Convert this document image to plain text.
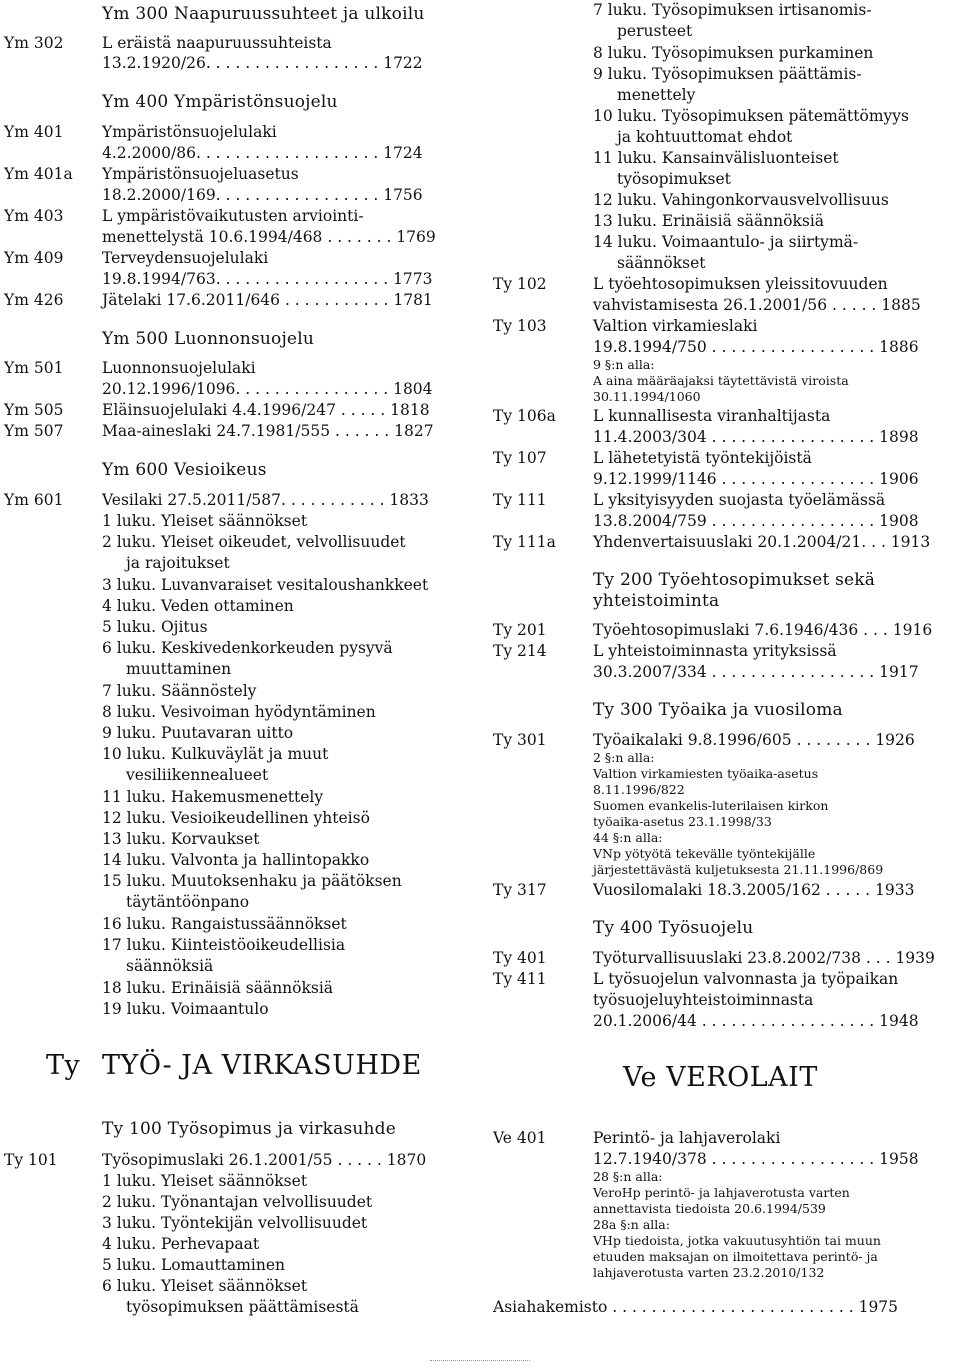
Ym 300 Naapuruussuhteet ja ulkoilu
Ym 302 L eräistä naapuruussuhteista
13.2.1920/26. . . . . . . . . . . . . . . . . . 1722
Ym 400 Ympäristönsuojelu
Ym 401 Ympäristönsuojelulaki
4.2.2000/86. . . . . . . . . . . . . . . . . . . 1724
Ym 401a Ympäristönsuojeluasetus
18.2.2000/169. . . . . . . . . . . . . . . . . 1756
Ym 403 L ympäristövaikutusten arviointi-
menettelystä 10.6.1994/468 . . . . . . . 1769
Ym 409 Terveydensuojelulaki
19.8.1994/763. . . . . . . . . . . . . . . . . . 1773
Ym 426 Jätelaki 17.6.2011/646 . . . . . . . . . . . 1781
Ym 500 Luonnonsuojelu
Ym 501 Luonnonsuojelulaki
20.12.1996/1096. . . . . . . . . . . . . . . . 1804
Ym 505 Eläinsuojelulaki 4.4.1996/247 . . . . . 1818
Ym 507 Maa-aineslaki 24.7.1981/555 . . . . . . 1827
Ym 600 Vesioikeus
Ym 601 Vesilaki 27.5.2011/587. . . . . . . . . . . 1833
1 luku. Yleiset säännökset
2 luku. Yleiset oikeudet, velvollisuudet
ja rajoitukset
3 luku. Luvanvaraiset vesitaloushankkeet
4 luku. Veden ottaminen
5 luku. Ojitus
6 luku. Keskivedenkorkeuden pysyvä
muuttaminen
7 luku. Säännöstely
8 luku. Vesivoiman hyödyntäminen
9 luku. Puutavaran uitto
10 luku. Kulkuväylät ja muut
vesiliikennealueet
11 luku. Hakemusmenettely
12 luku. Vesioikeudellinen yhteisö
13 luku. Korvaukset
14 luku. Valvonta ja hallintopakko
15 luku. Muutoksenhaku ja päätöksen
täytäntöönpano
16 luku. Rangaistussäännökset
17 luku. Kiinteistöoikeudellisia
säännöksiä
18 luku. Erinäisiä säännöksiä
19 luku. Voimaantulo
Ty TYÖ- JA VIRKASUHDE
Ty 100 Työsopimus ja virkasuhde
Ty 101	Työsopimuslaki 26.1.2001/55 . . . . . 1870
1 luku. Yleiset säännökset
2 luku. Työnantajan velvollisuudet
3 luku. Työntekijän velvollisuudet
4 luku. Perhevapaat
5 luku. Lomauttaminen
6 luku. Yleiset säännökset
työsopimuksen päättämisestä
7 luku. Työsopimuksen irtisanomis-
perusteet
8 luku. Työsopimuksen purkaminen
9 luku. Työsopimuksen päättämis-
menettely
10 luku. Työsopimuksen pätemättömyys
ja kohtuuttomat ehdot
11 luku. Kansainvälisluonteiset
työsopimukset
12 luku. Vahingonkorvausvelvollisuus
13 luku. Erinäisiä säännöksiä
14 luku. Voimaantulo- ja siirtymä-
säännökset
Ty 102	L työehtosopimuksen yleissitovuuden
vahvistamisesta 26.1.2001/56 . . . . . 1885
Ty 103	Valtion virkamieslaki
19.8.1994/750 . . . . . . . . . . . . . . . . . 1886
9 §:n alla:
A aina määräajaksi täytettävistä viroista
30.11.1994/1060
Ty 106a L kunnallisesta viranhaltijasta
11.4.2003/304 . . . . . . . . . . . . . . . . . 1898
Ty 107	L lähetetyistä työntekijöistä
9.12.1999/1146 . . . . . . . . . . . . . . . . 1906
Ty 111	L yksityisyyden suojasta työelämässä
13.8.2004/759 . . . . . . . . . . . . . . . . . 1908
Ty 111a Yhdenvertaisuuslaki 20.1.2004/21. . . 1913
Ty 200 Työehtosopimukset sekä
yhteistoiminta
Ty 201	Työehtosopimuslaki 7.6.1946/436 . . . 1916
Ty 214	L yhteistoiminnasta yrityksissä
30.3.2007/334 . . . . . . . . . . . . . . . . . 1917
Ty 300 Työaika ja vuosiloma
Ty 301	Työaikalaki 9.8.1996/605 . . . . . . . . 1926
2 §:n alla:
Valtion virkamiesten työaika-asetus
8.11.1996/822
Suomen evankelis-luterilaisen kirkon
työaika-asetus 23.1.1998/33
44 §:n alla:
VNp yötyötä tekevälle työntekijälle
järjestettävästä kuljetuksesta 21.11.1996/869
Ty 317	Vuosilomalaki 18.3.2005/162 . . . . . 1933
Ty 400 Työsuojelu
Ty 401	Työturvallisuuslaki 23.8.2002/738 . . . 1939
Ty 411	L työsuojelun valvonnasta ja työpaikan
työsuojeluyhteistoiminnasta
20.1.2006/44 . . . . . . . . . . . . . . . . . . 1948
Ve VEROLAIT
Ve 401	Perintö- ja lahjaverolaki
12.7.1940/378 . . . . . . . . . . . . . . . . . 1958
28 §:n alla:
VeroHp perintö- ja lahjaverotusta varten
annettavista tiedoista 20.6.1994/539
28a §:n alla:
VHp tiedoista, jotka vakuutusyhtiön tai muun
etuuden maksajan on ilmoitettava perintö- ja
lahjaverotusta varten 23.2.2010/132
Asiahakemisto . . . . . . . . . . . . . . . . . . . . . . . . . 1975
